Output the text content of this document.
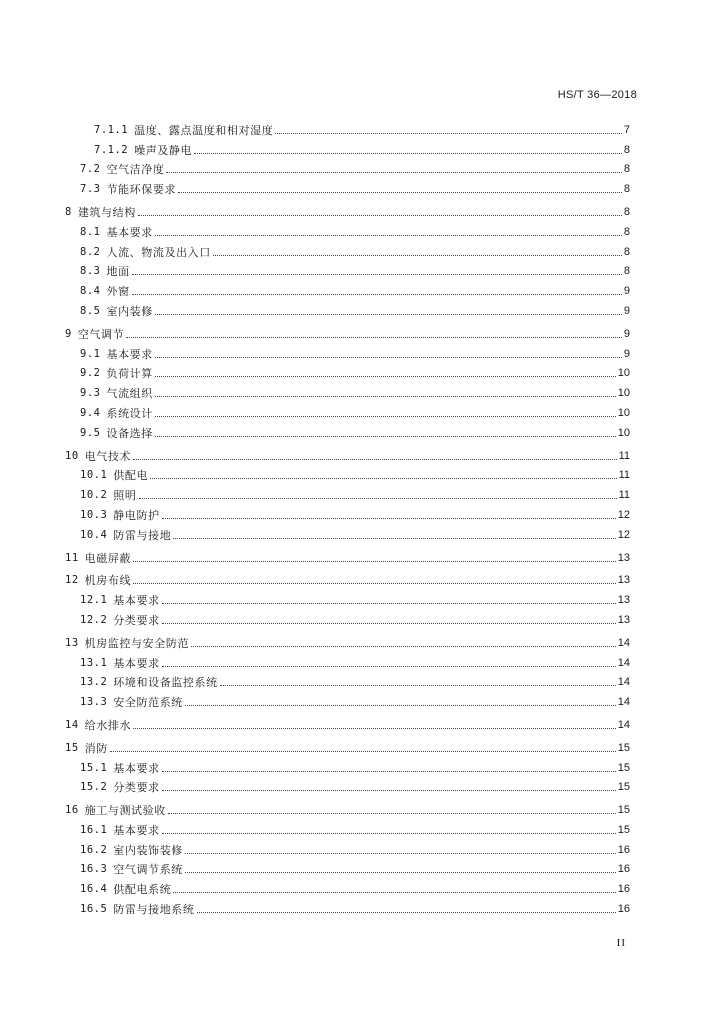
HS/T 36—2018
7.1.1 温度、露点温度和相对湿度	7
7.1.2 噪声及静电	8
7.2 空气洁净度	8
7.3 节能环保要求	8
8 建筑与结构	8
8.1 基本要求	8
8.2 人流、物流及出入口	8
8.3 地面	8
8.4 外窗	9
8.5 室内装修	9
9 空气调节	9
9.1 基本要求	9
9.2 负荷计算	10
9.3 气流组织	10
9.4 系统设计	10
9.5 设备选择	10
10 电气技术	11
10.1 供配电	11
10.2 照明	11
10.3 静电防护	12
10.4 防雷与接地	12
11 电磁屏蔽	13
12 机房布线	13
12.1 基本要求	13
12.2 分类要求	13
13 机房监控与安全防范	14
13.1 基本要求	14
13.2 环境和设备监控系统	14
13.3 安全防范系统	14
14 给水排水	14
15 消防	15
15.1 基本要求	15
15.2 分类要求	15
16 施工与测试验收	15
16.1 基本要求	15
16.2 室内装饰装修	16
16.3 空气调节系统	16
16.4 供配电系统	16
16.5 防雷与接地系统	16
II
